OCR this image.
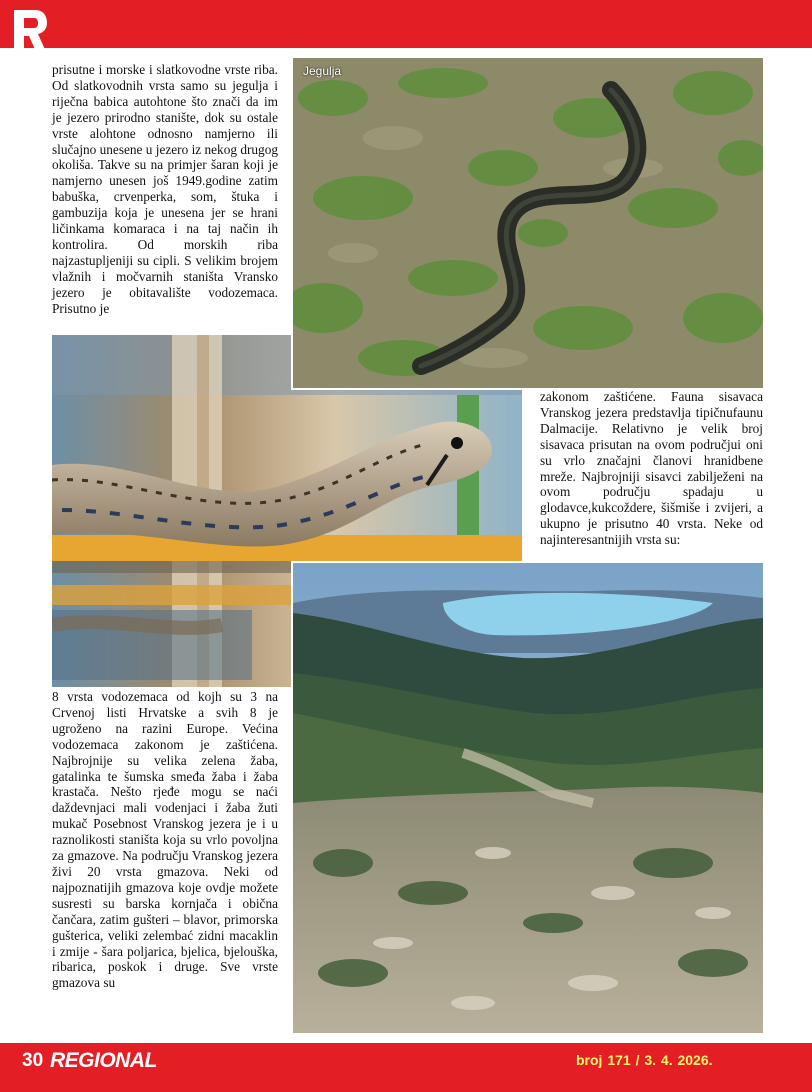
prisutne i morske i slatkovodne vrste riba. Od slatkovodnih vrsta samo su jegulja i riječna babica autohtone što znači da im je jezero prirodno stanište, dok su ostale vrste alohtone odnosno namjerno ili slučajno unesene u jezero iz nekog drugog okoliša. Takve su na primjer šaran koji je namjerno unesen još 1949.godine zatim babuška, crvenperka, som, štuka i gambuzija koja je unesena jer se hrani ličinkama komaraca i na taj način ih kontrolira. Od morskih riba najzastupljeniji su cipli. S velikim brojem vlažnih i močvarnih staništa Vransko jezero je obitavalište vodozemaca. Prisutno je

zakonom zaštićene. Fauna sisavaca Vranskog jezera predstavlja tipičnufaunu Dalmacije. Relativno je velik broj sisavaca prisutan na ovom područjui oni su vrlo značajni članovi hranidbene mreže. Najbrojniji sisavci zabilježeni na ovom području spadaju u glodavce,kukcoždere, šišmiše i zvijeri, a ukupno je prisutno 40 vrsta. Neke od najinteresantnijih vrsta su:

8 vrsta vodozemaca od kojh su 3 na Crvenoj listi Hrvatske a svih 8 je ugroženo na razini Europe. Većina vodozemaca zakonom je zaštićena. Najbrojnije su velika zelena žaba, gatalinka te šumska smeđa žaba i žaba krastača. Nešto rjeđe mogu se naći daždevnjaci mali vodenjaci i žaba žuti mukač Posebnost Vranskog jezera je i u raznolikosti staništa koja su vrlo povoljna za gmazove. Na području Vranskog jezera živi 20 vrsta gmazova. Neki od najpoznatijih gmazova koje ovdje možete susresti su barska kornjača i obična čančara, zatim gušteri – blavor, primorska gušterica, veliki zelembać zidni macaklin i zmije - šara poljarica, bjelica, bjelouška, ribarica, poskok i druge. Sve vrste gmazova su

Jegulja
30 REGIONAL	broj 171 / 3. 4. 2026.
